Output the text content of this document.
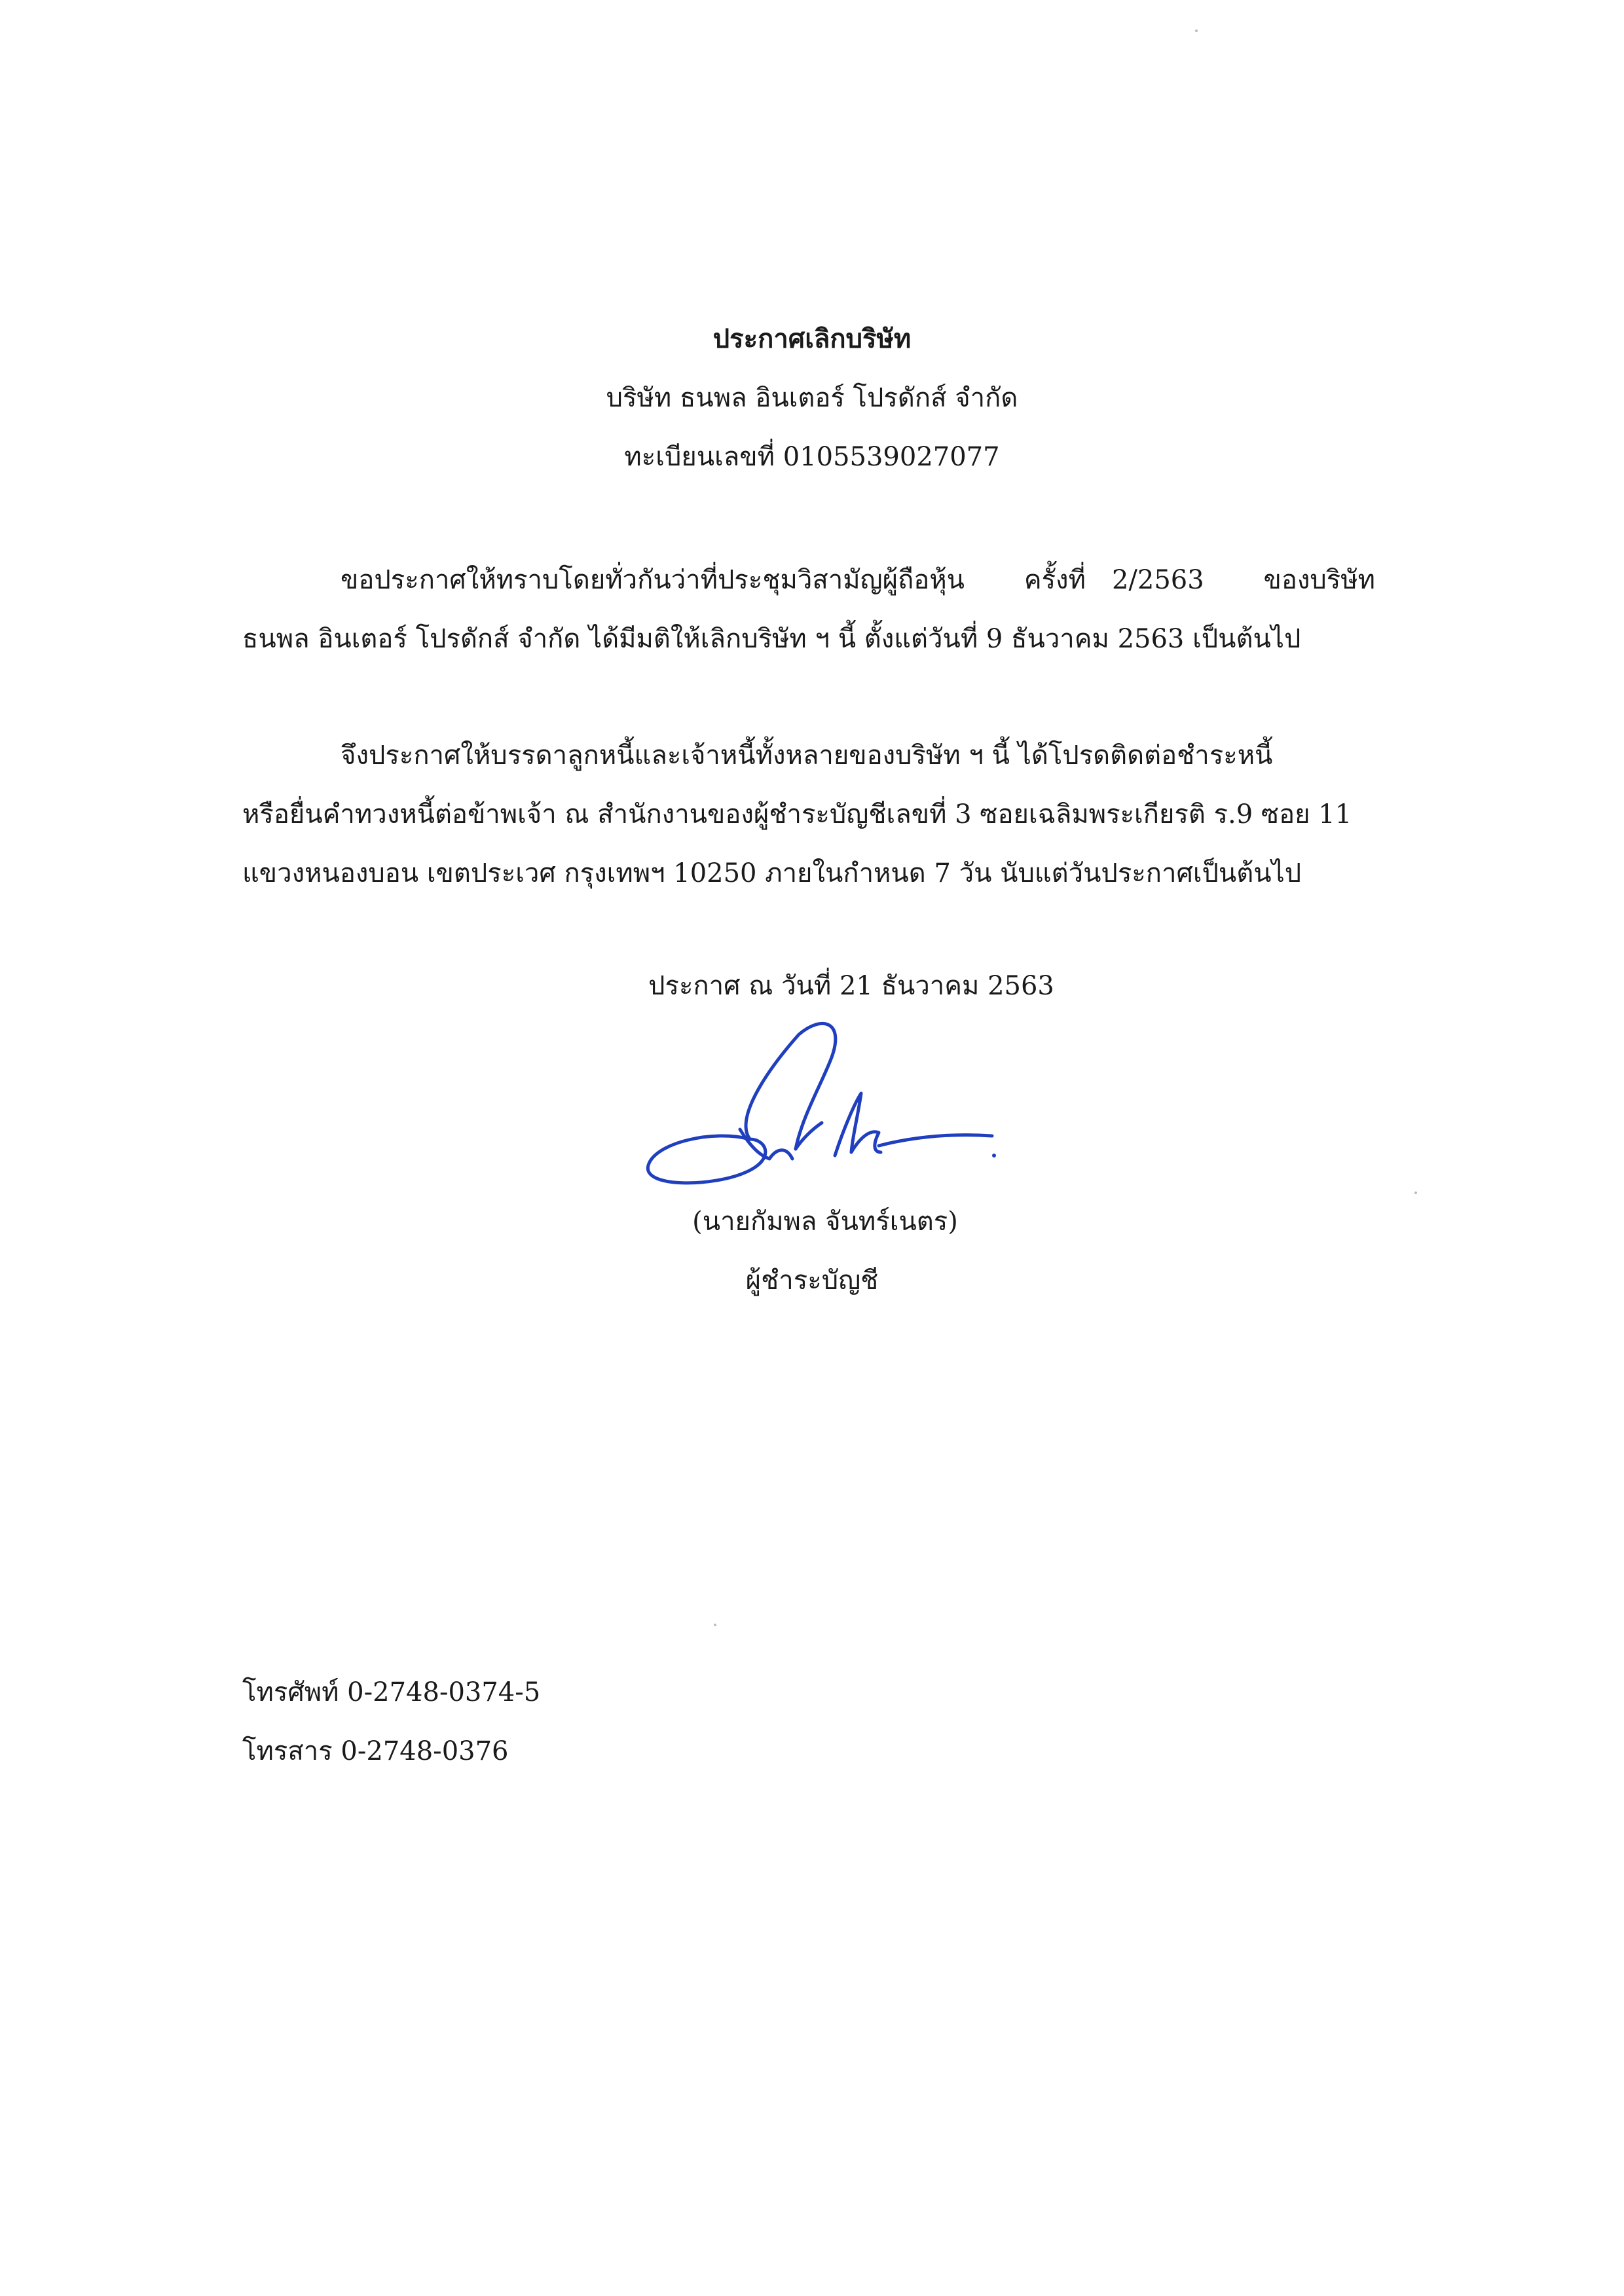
ประกาศเลิกบริษัท
บริษัท ธนพล อินเตอร์ โปรดักส์ จำกัด
ทะเบียนเลขที่ 0105539027077
ขอประกาศให้ทราบโดยทั่วกันว่าที่ประชุมวิสามัญผู้ถือหุ้น ครั้งที่ 2/2563 ของบริษัท
ธนพล อินเตอร์ โปรดักส์ จำกัด ได้มีมติให้เลิกบริษัท ฯ นี้ ตั้งแต่วันที่ 9 ธันวาคม 2563 เป็นต้นไป
จึงประกาศให้บรรดาลูกหนี้และเจ้าหนี้ทั้งหลายของบริษัท ฯ นี้ ได้โปรดติดต่อชำระหนี้
หรือยื่นคำทวงหนี้ต่อข้าพเจ้า ณ สำนักงานของผู้ชำระบัญชีเลขที่ 3 ซอยเฉลิมพระเกียรติ ร.9 ซอย 11
แขวงหนองบอน เขตประเวศ กรุงเทพฯ 10250 ภายในกำหนด 7 วัน นับแต่วันประกาศเป็นต้นไป
ประกาศ ณ วันที่ 21 ธันวาคม 2563
(นายกัมพล จันทร์เนตร)
ผู้ชำระบัญชี
โทรศัพท์ 0-2748-0374-5
โทรสาร 0-2748-0376
